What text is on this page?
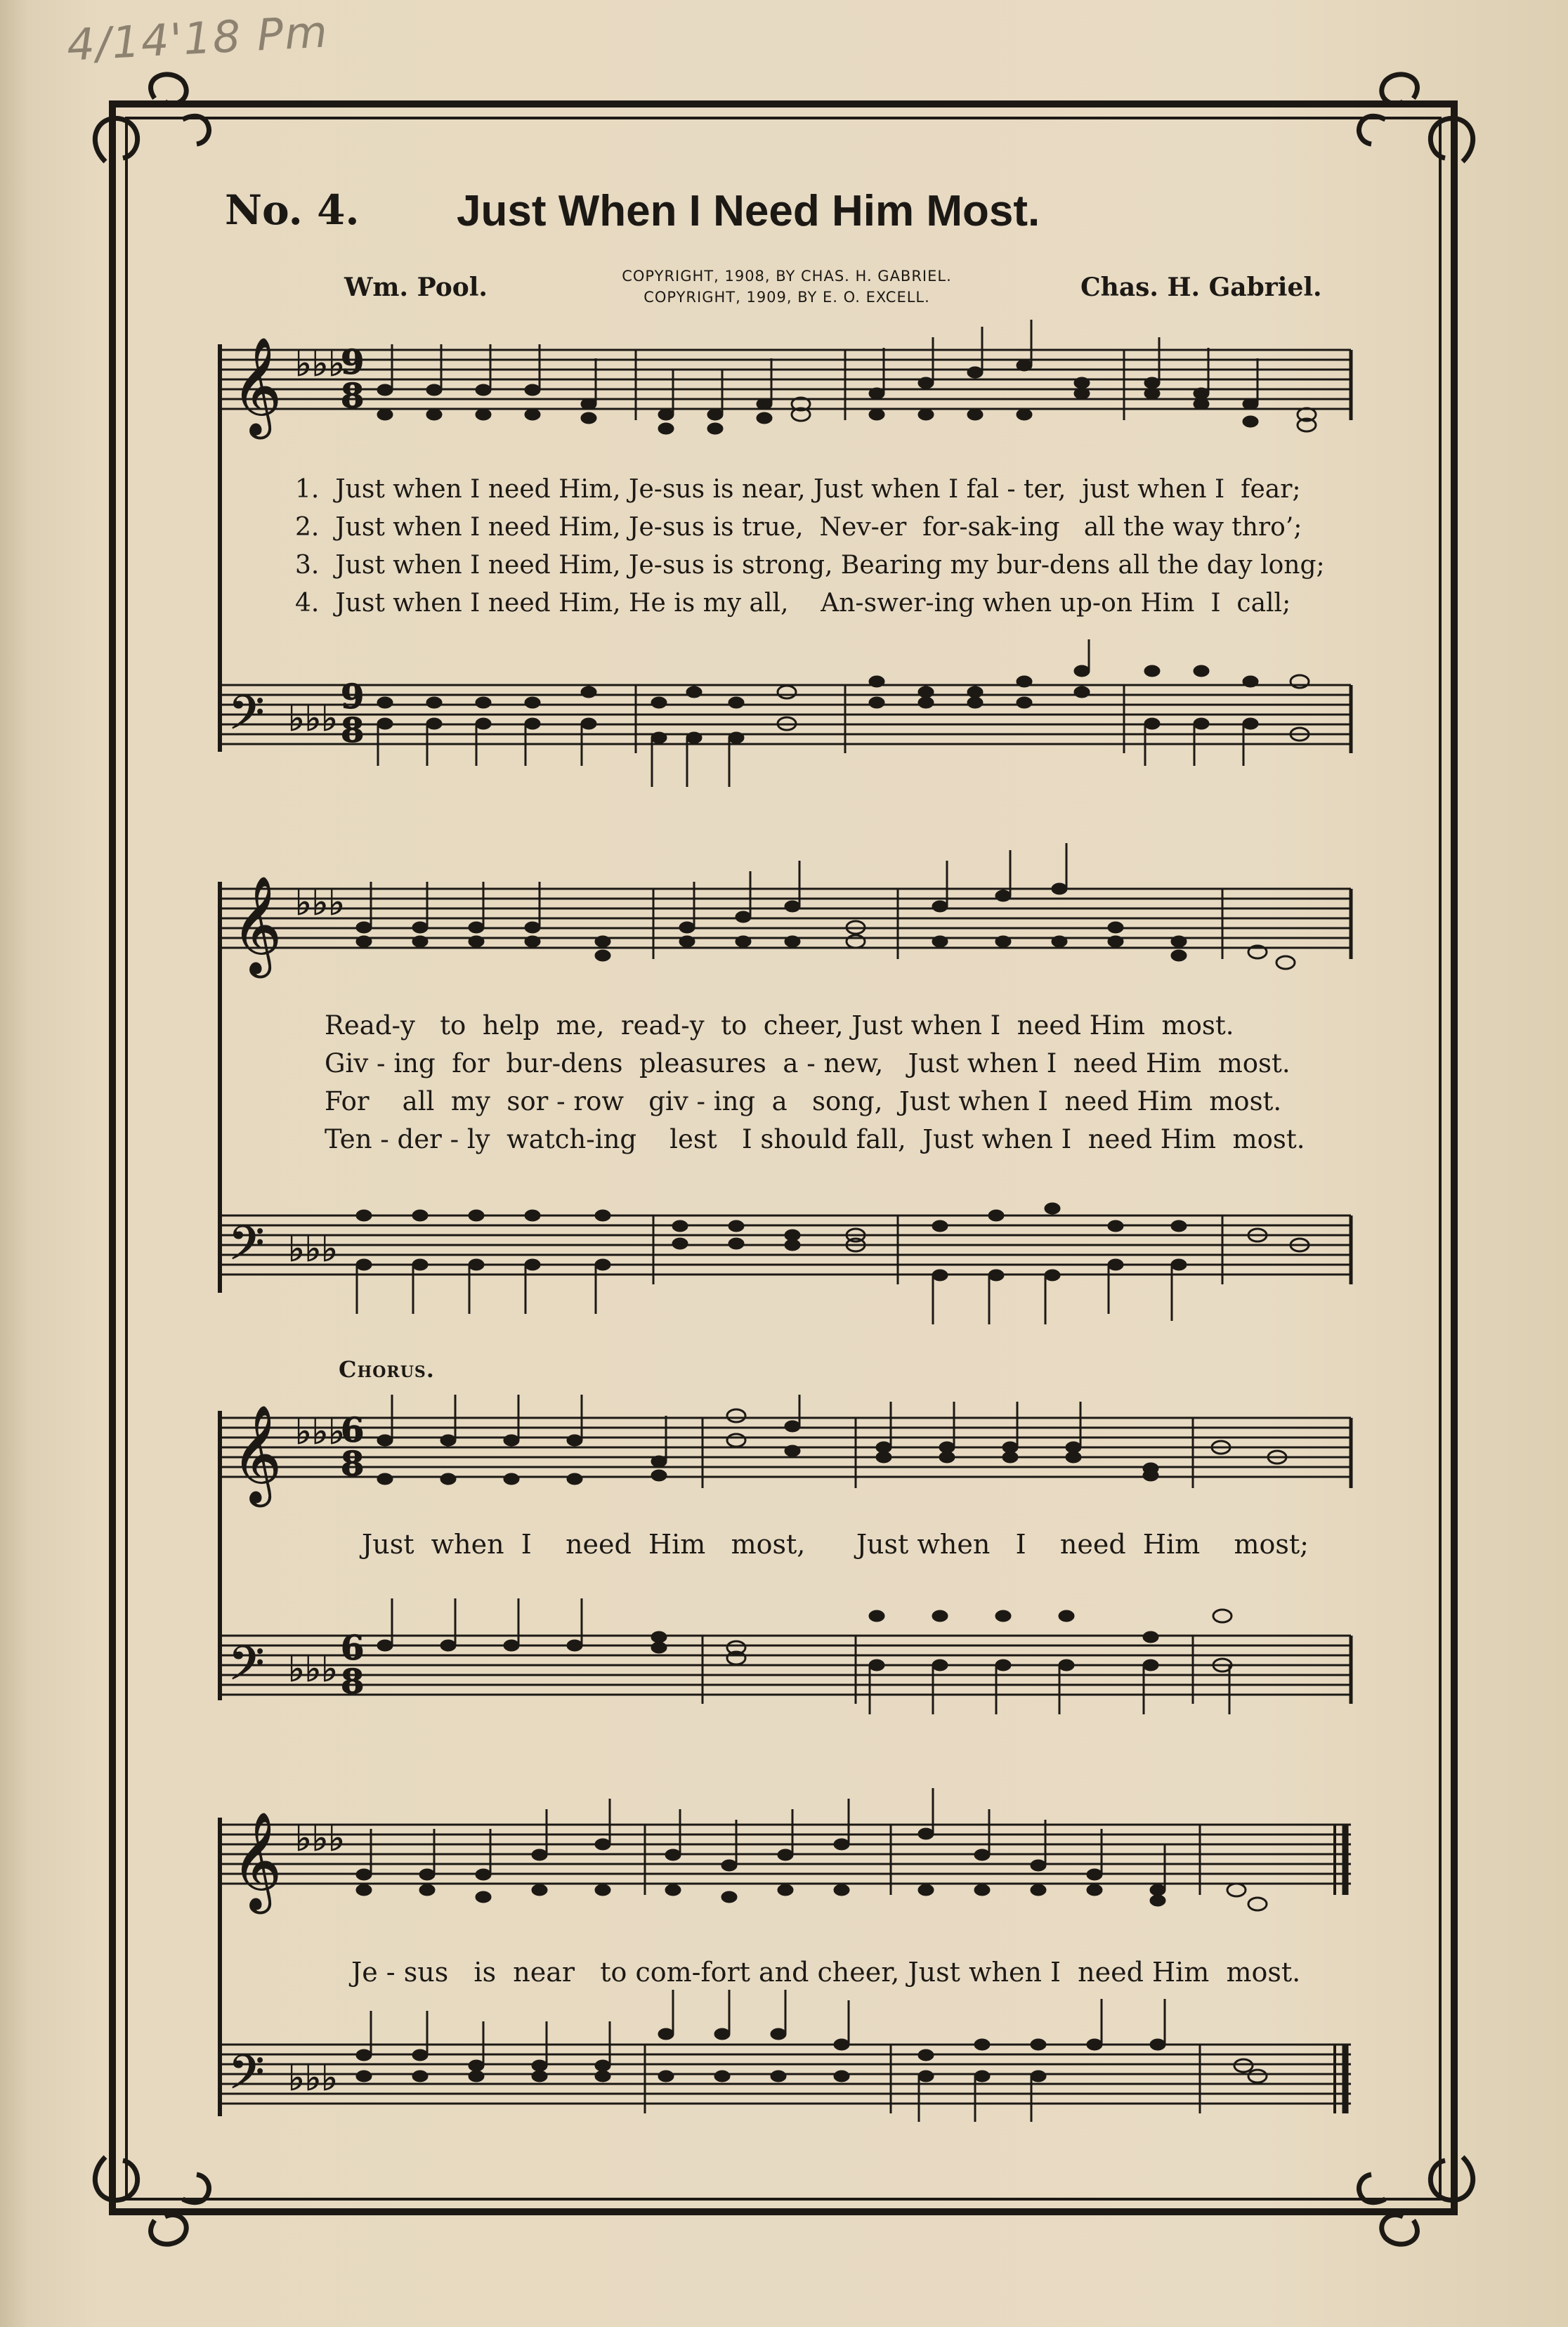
4/14'18 Pm
𝄞 ♭♭♭
9
8
𝄢 ♭♭♭
9
8
𝄞 ♭♭♭
𝄢 ♭♭♭
𝄞 ♭♭♭
6
8
𝄢 ♭♭♭ 6
8
𝄞 ♭♭♭
𝄢 ♭♭♭
No. 4. Just When I Need Him Most.
Wm. Pool.	COPYRIGHT, 1908, BY CHAS. H. GABRIEL.
COPYRIGHT, 1909, BY E. O. EXCELL.	Chas. H. Gabriel.
1.  Just when I need Him, Je-sus is near, Just when I fal - ter,  just when I  fear;
2.  Just when I need Him, Je-sus is true,  Nev-er  for-sak-ing   all the way thro’;
3.  Just when I need Him, Je-sus is strong, Bearing my bur-dens all the day long;
4.  Just when I need Him, He is my all,    An-swer-ing when up-on Him  I  call;
Read-y   to  help  me,  read-y  to  cheer, Just when I  need Him  most.
Giv - ing  for  bur-dens  pleasures  a - new,   Just when I  need Him  most.
For    all  my  sor - row   giv - ing  a   song,  Just when I  need Him  most.
Ten - der - ly  watch-ing    lest   I should fall,  Just when I  need Him  most.
Chorus.
Just  when  I    need  Him   most,      Just when   I    need  Him    most;
Je - sus   is  near   to com-fort and cheer, Just when I  need Him  most.
